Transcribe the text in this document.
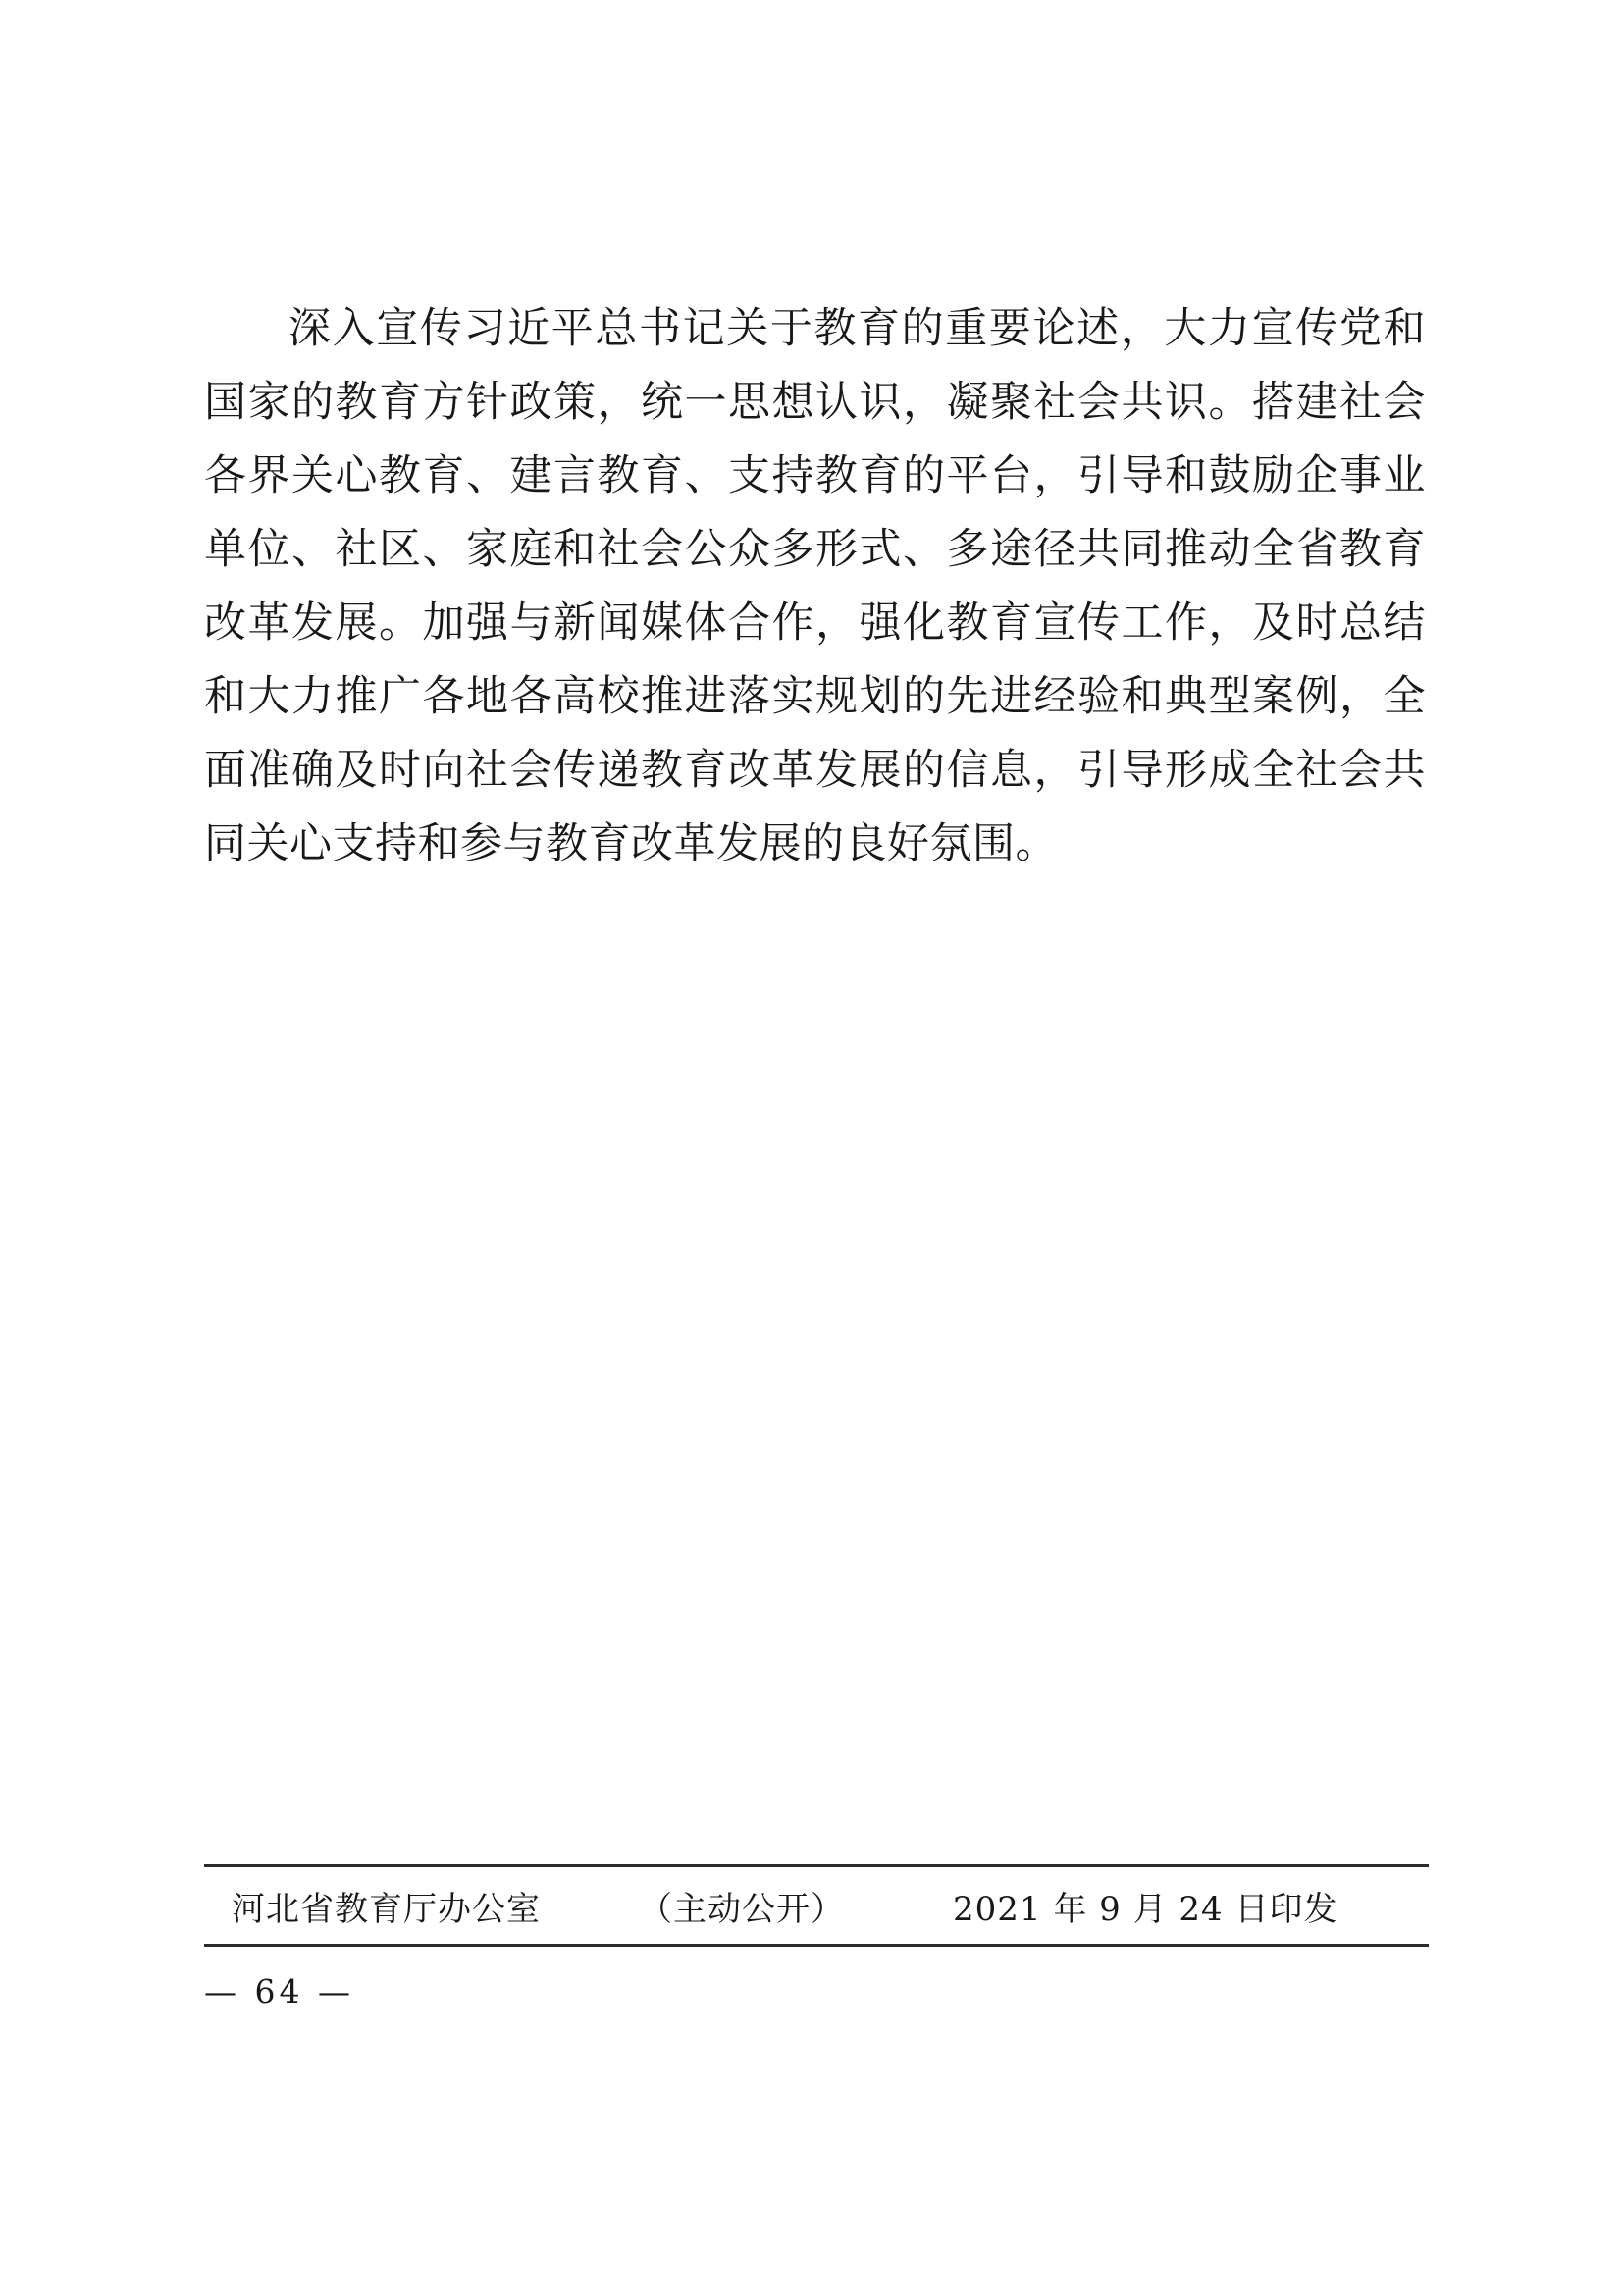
深入宣传习近平总书记关于教育的重要论述，大力宣传党和国家的教育方针政策，统一思想认识，凝聚社会共识。搭建社会各界关心教育、建言教育、支持教育的平台，引导和鼓励企事业单位、社区、家庭和社会公众多形式、多途径共同推动全省教育改革发展。加强与新闻媒体合作，强化教育宣传工作，及时总结和大力推广各地各高校推进落实规划的先进经验和典型案例，全面准确及时向社会传递教育改革发展的信息，引导形成全社会共同关心支持和参与教育改革发展的良好氛围。

河北省教育厅办公室	（主动公开）	2021 年 9 月 24 日印发
— 64 —
